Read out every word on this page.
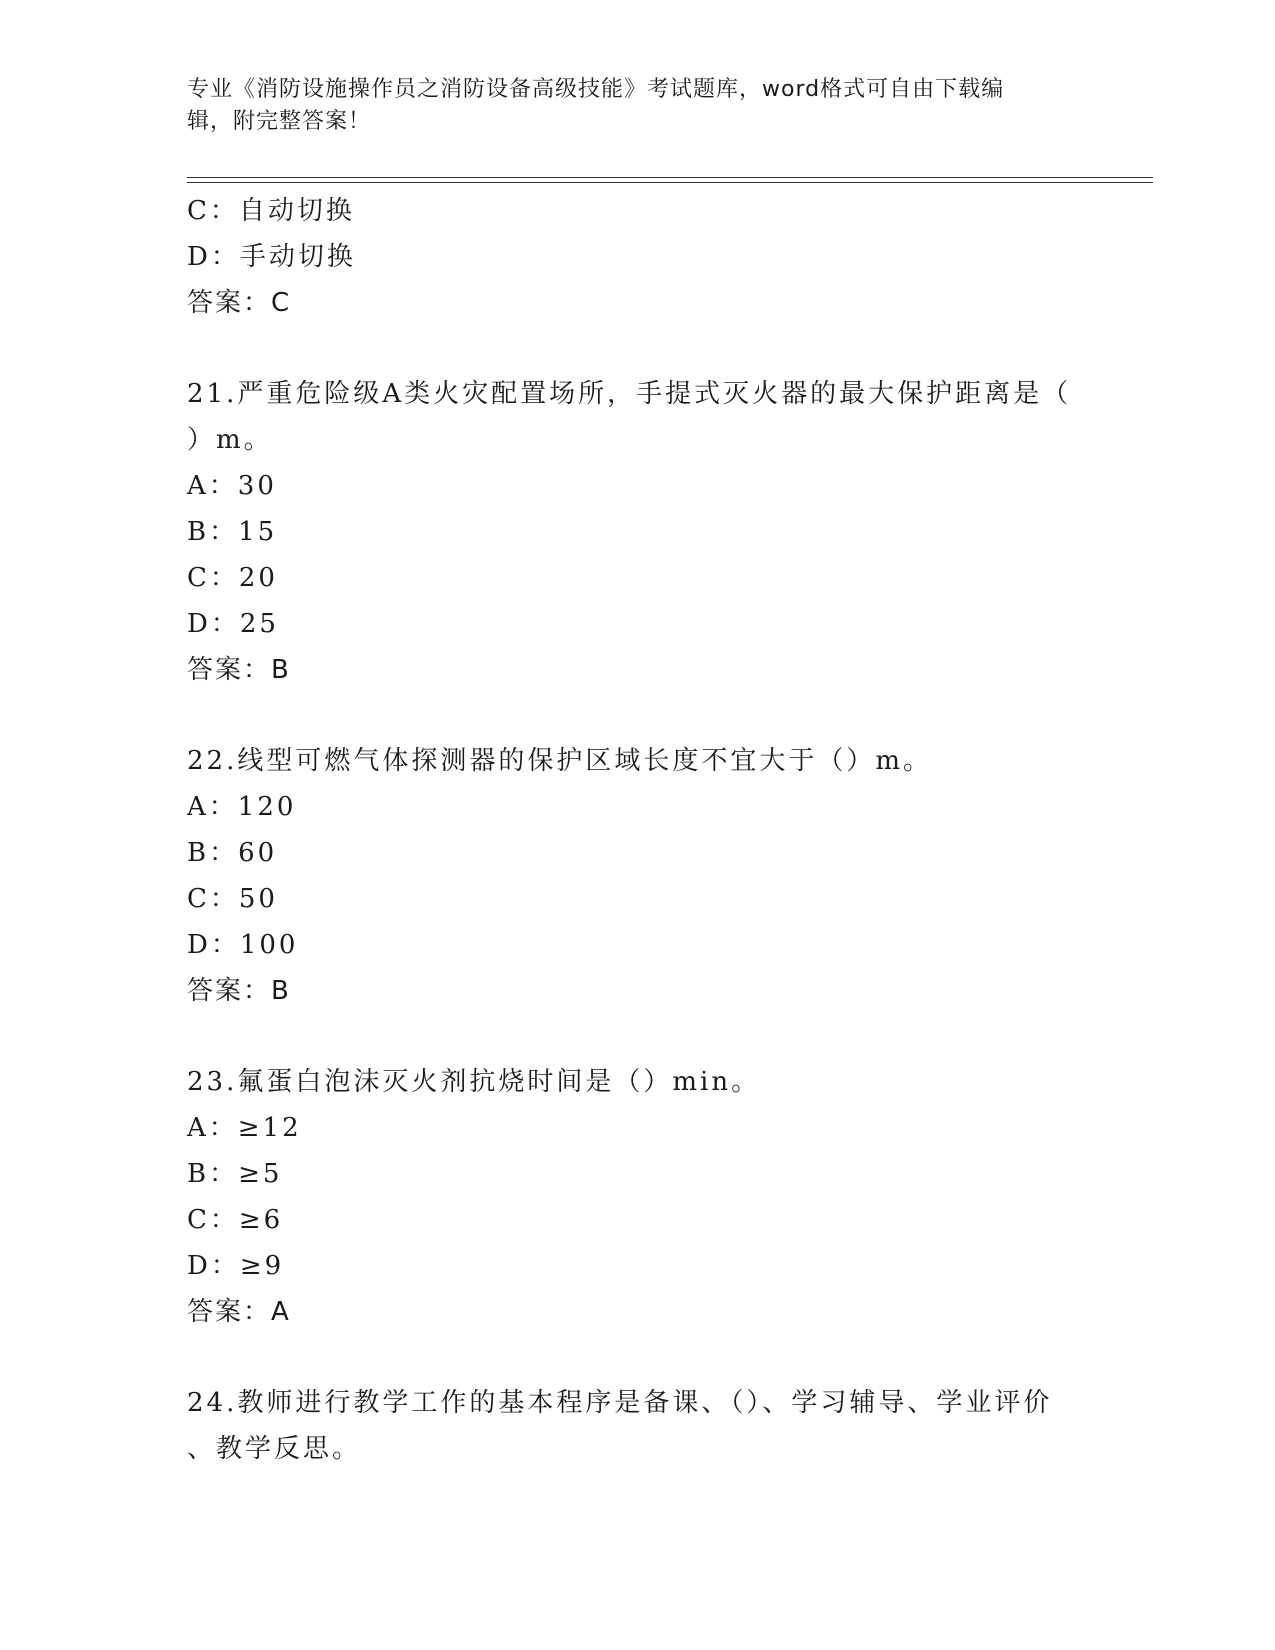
专业《消防设施操作员之消防设备高级技能》考试题库，word格式可自由下载编
辑，附完整答案！
C：自动切换
D：手动切换
答案：C
21.严重危险级A类火灾配置场所，手提式灭火器的最大保护距离是（
）m。
A：30
B：15
C：20
D：25
答案：B
22.线型可燃气体探测器的保护区域长度不宜大于（）m。
A：120
B：60
C：50
D：100
答案：B
23.氟蛋白泡沫灭火剂抗烧时间是（）min。
A：≥12
B：≥5
C：≥6
D：≥9
答案：A
24.教师进行教学工作的基本程序是备课、（）、学习辅导、学业评价
、教学反思。
